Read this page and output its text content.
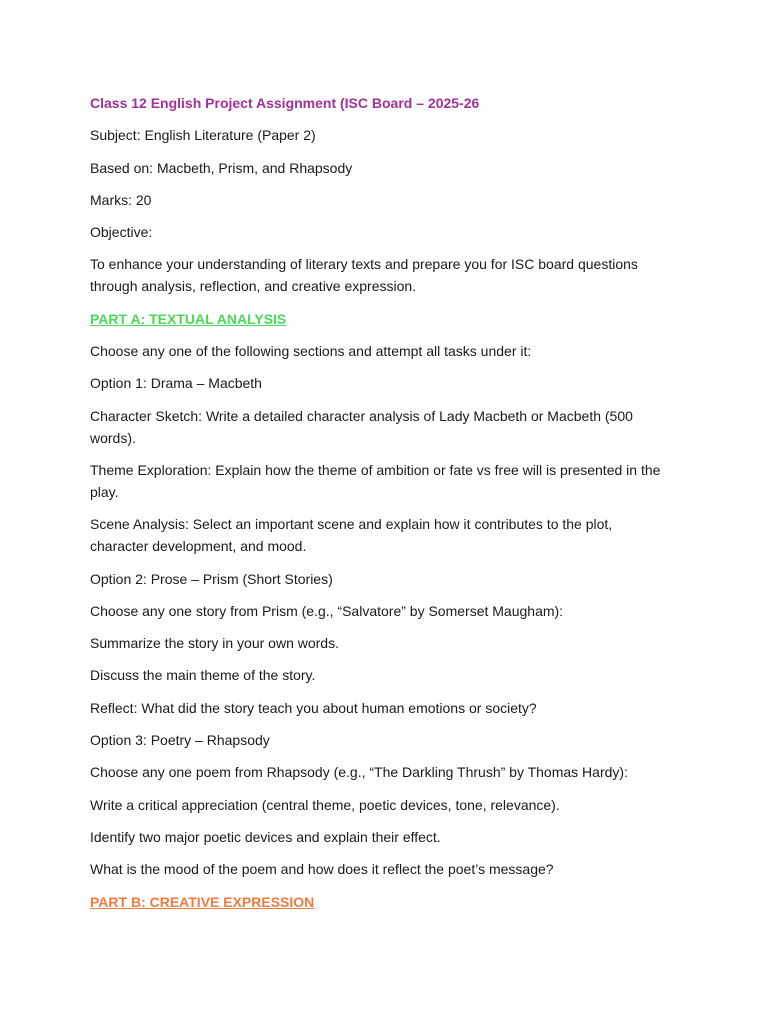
Class 12 English Project Assignment (ISC Board – 2025-26

Subject: English Literature (Paper 2)

Based on: Macbeth, Prism, and Rhapsody

Marks: 20

Objective:

To enhance your understanding of literary texts and prepare you for ISC board questions through analysis, reflection, and creative expression.

PART A: TEXTUAL ANALYSIS

Choose any one of the following sections and attempt all tasks under it:

Option 1: Drama – Macbeth

Character Sketch: Write a detailed character analysis of Lady Macbeth or Macbeth (500 words).

Theme Exploration: Explain how the theme of ambition or fate vs free will is presented in the play.

Scene Analysis: Select an important scene and explain how it contributes to the plot, character development, and mood.

Option 2: Prose – Prism (Short Stories)

Choose any one story from Prism (e.g., “Salvatore” by Somerset Maugham):

Summarize the story in your own words.

Discuss the main theme of the story.

Reflect: What did the story teach you about human emotions or society?

Option 3: Poetry – Rhapsody

Choose any one poem from Rhapsody (e.g., “The Darkling Thrush” by Thomas Hardy):

Write a critical appreciation (central theme, poetic devices, tone, relevance).

Identify two major poetic devices and explain their effect.

What is the mood of the poem and how does it reflect the poet’s message?

PART B: CREATIVE EXPRESSION
